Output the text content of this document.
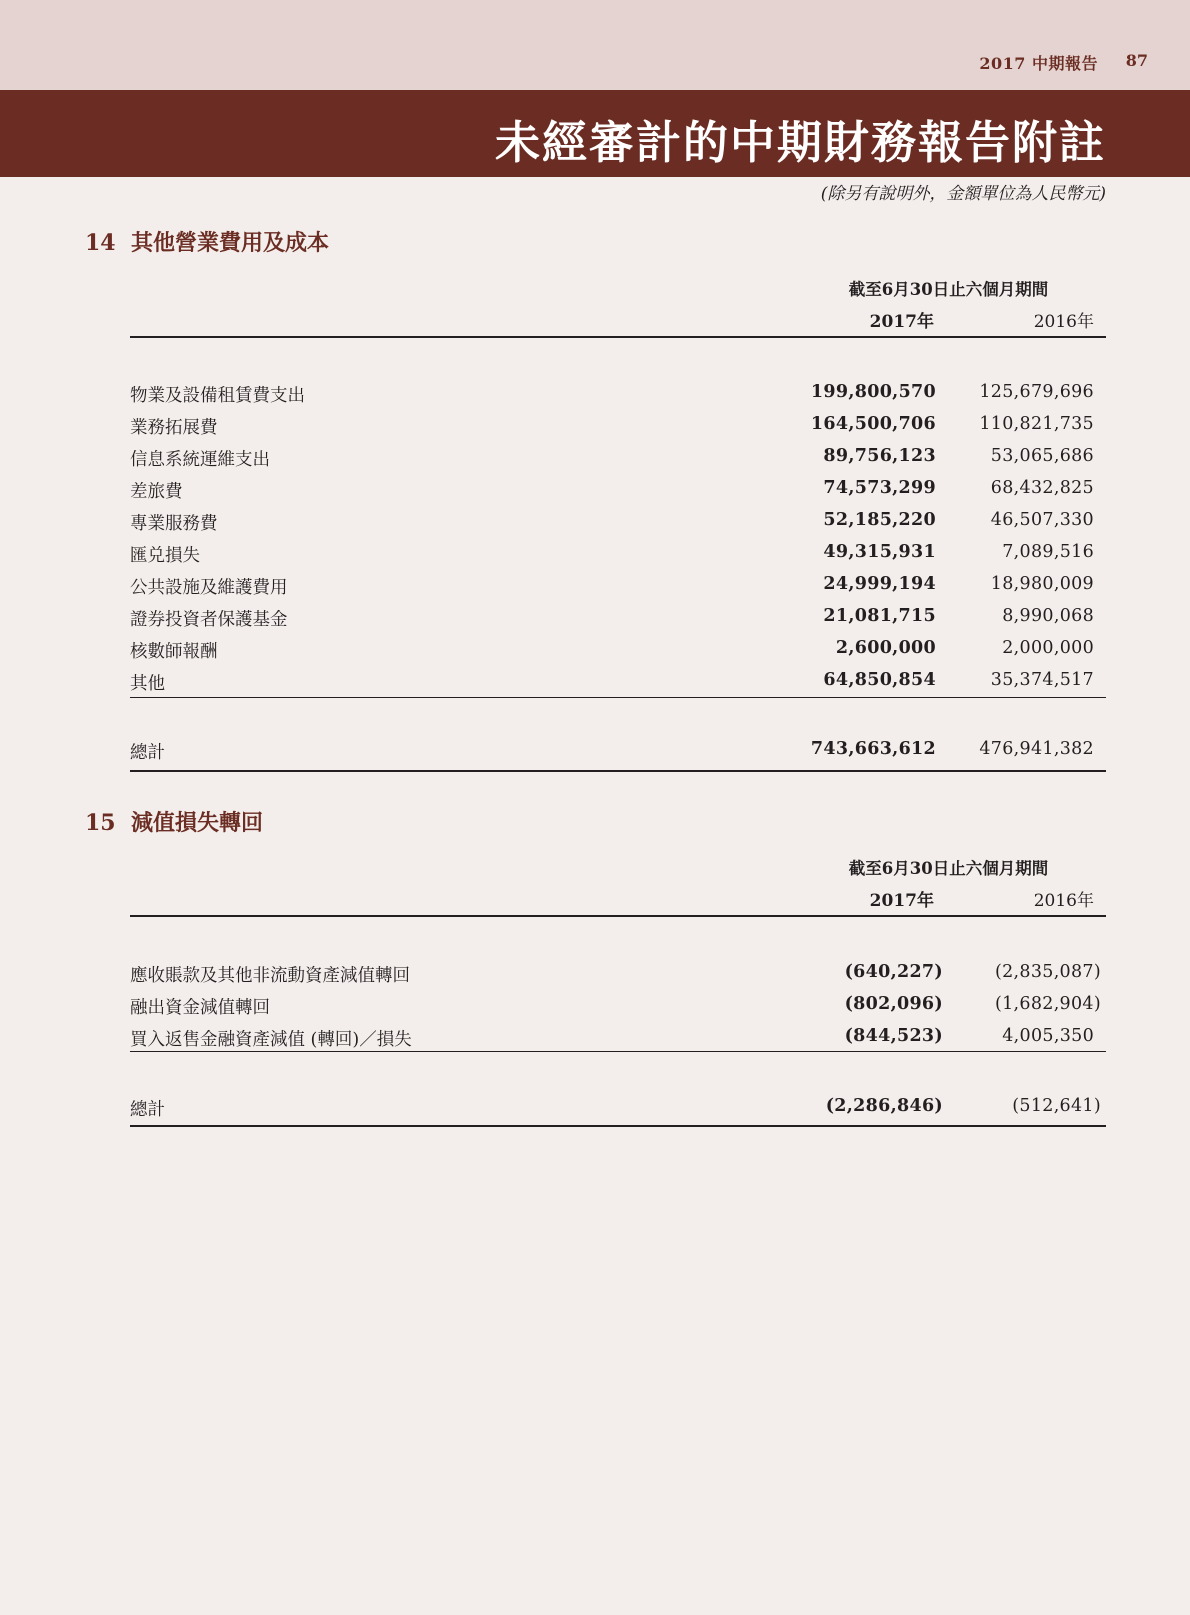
2017 中期報告 87
未經審計的中期財務報告附註
(除另有說明外，金額單位為人民幣元)
14 其他營業費用及成本
截至6月30日止六個月期間
2017年	2016年
物業及設備租賃費支出	199,800,570 125,679,696
業務拓展費	164,500,706 110,821,735
信息系統運維支出	89,756,123	53,065,686
差旅費	74,573,299	68,432,825
專業服務費	52,185,220	46,507,330
匯兑損失	49,315,931	7,089,516
公共設施及維護費用	24,999,194	18,980,009
證券投資者保護基金	21,081,715	8,990,068
核數師報酬	2,600,000	2,000,000
其他	64,850,854	35,374,517
總計	743,663,612 476,941,382
15 減值損失轉回
截至6月30日止六個月期間
2017年	2016年
應收賬款及其他非流動資產減值轉回	(640,227)	(2,835,087)
融出資金減值轉回	(802,096)	(1,682,904)
買入返售金融資產減值 (轉回)／損失	(844,523)	4,005,350
總計	(2,286,846)	(512,641)
